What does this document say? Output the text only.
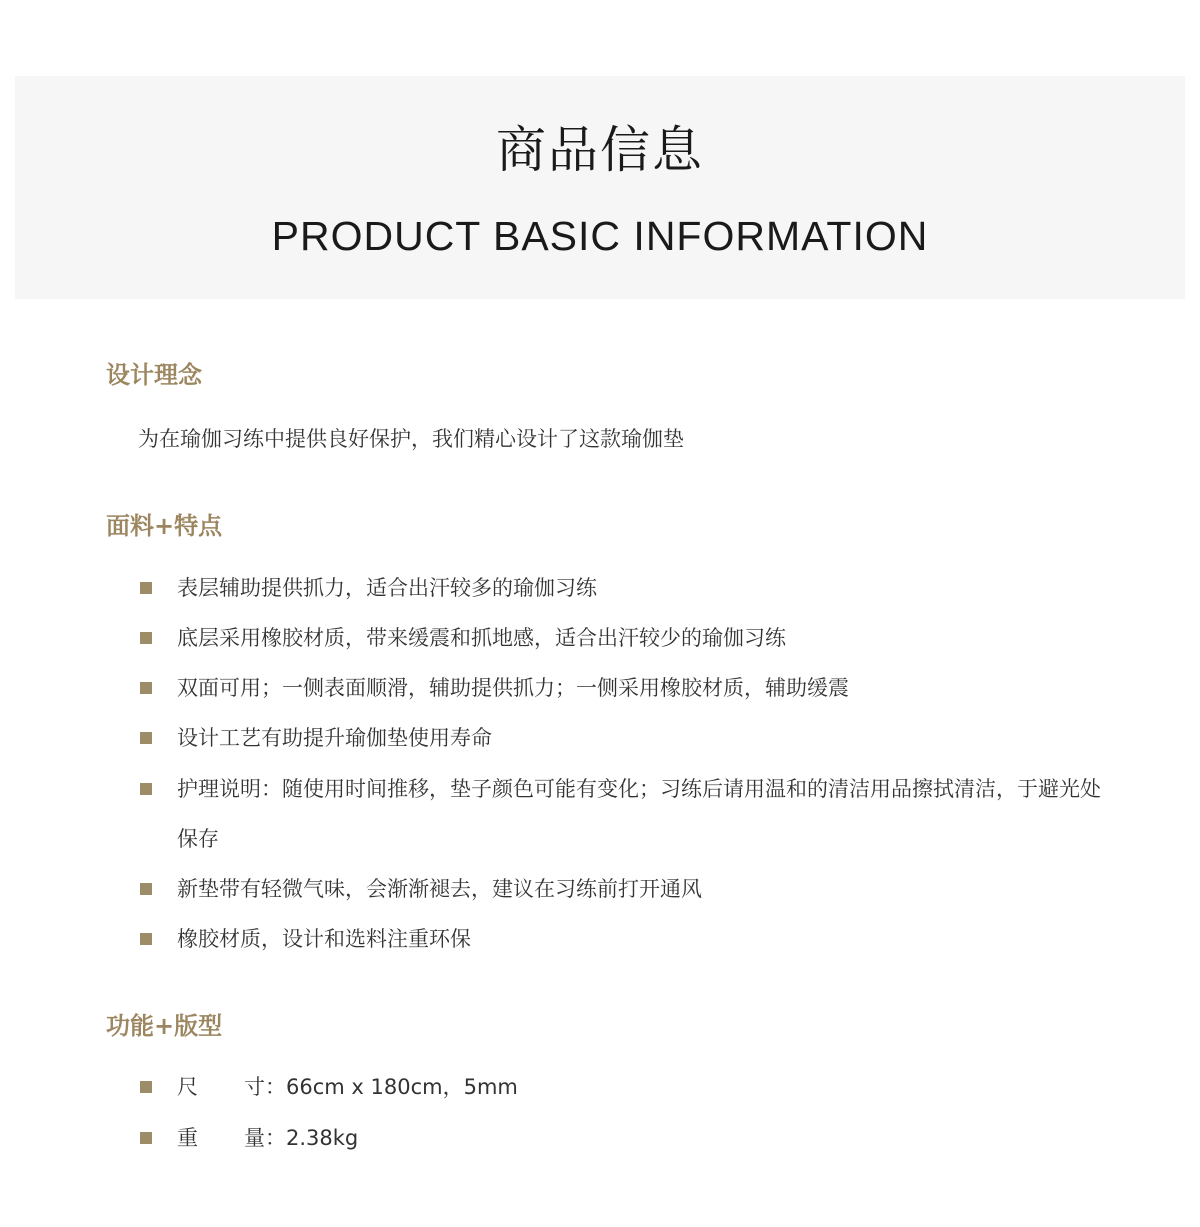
商品信息
PRODUCT BASIC INFORMATION
设计理念
为在瑜伽习练中提供良好保护，我们精心设计了这款瑜伽垫
面料+特点
表层辅助提供抓力，适合出汗较多的瑜伽习练
底层采用橡胶材质，带来缓震和抓地感，适合出汗较少的瑜伽习练
双面可用；一侧表面顺滑，辅助提供抓力；一侧采用橡胶材质，辅助缓震
设计工艺有助提升瑜伽垫使用寿命
护理说明：随使用时间推移，垫子颜色可能有变化；习练后请用温和的清洁用品擦拭清洁，于避光处保存
新垫带有轻微气味，会渐渐褪去，建议在习练前打开通风
橡胶材质，设计和选料注重环保
功能+版型
尺 寸：66cm x 180cm，5mm
重 量：2.38kg
